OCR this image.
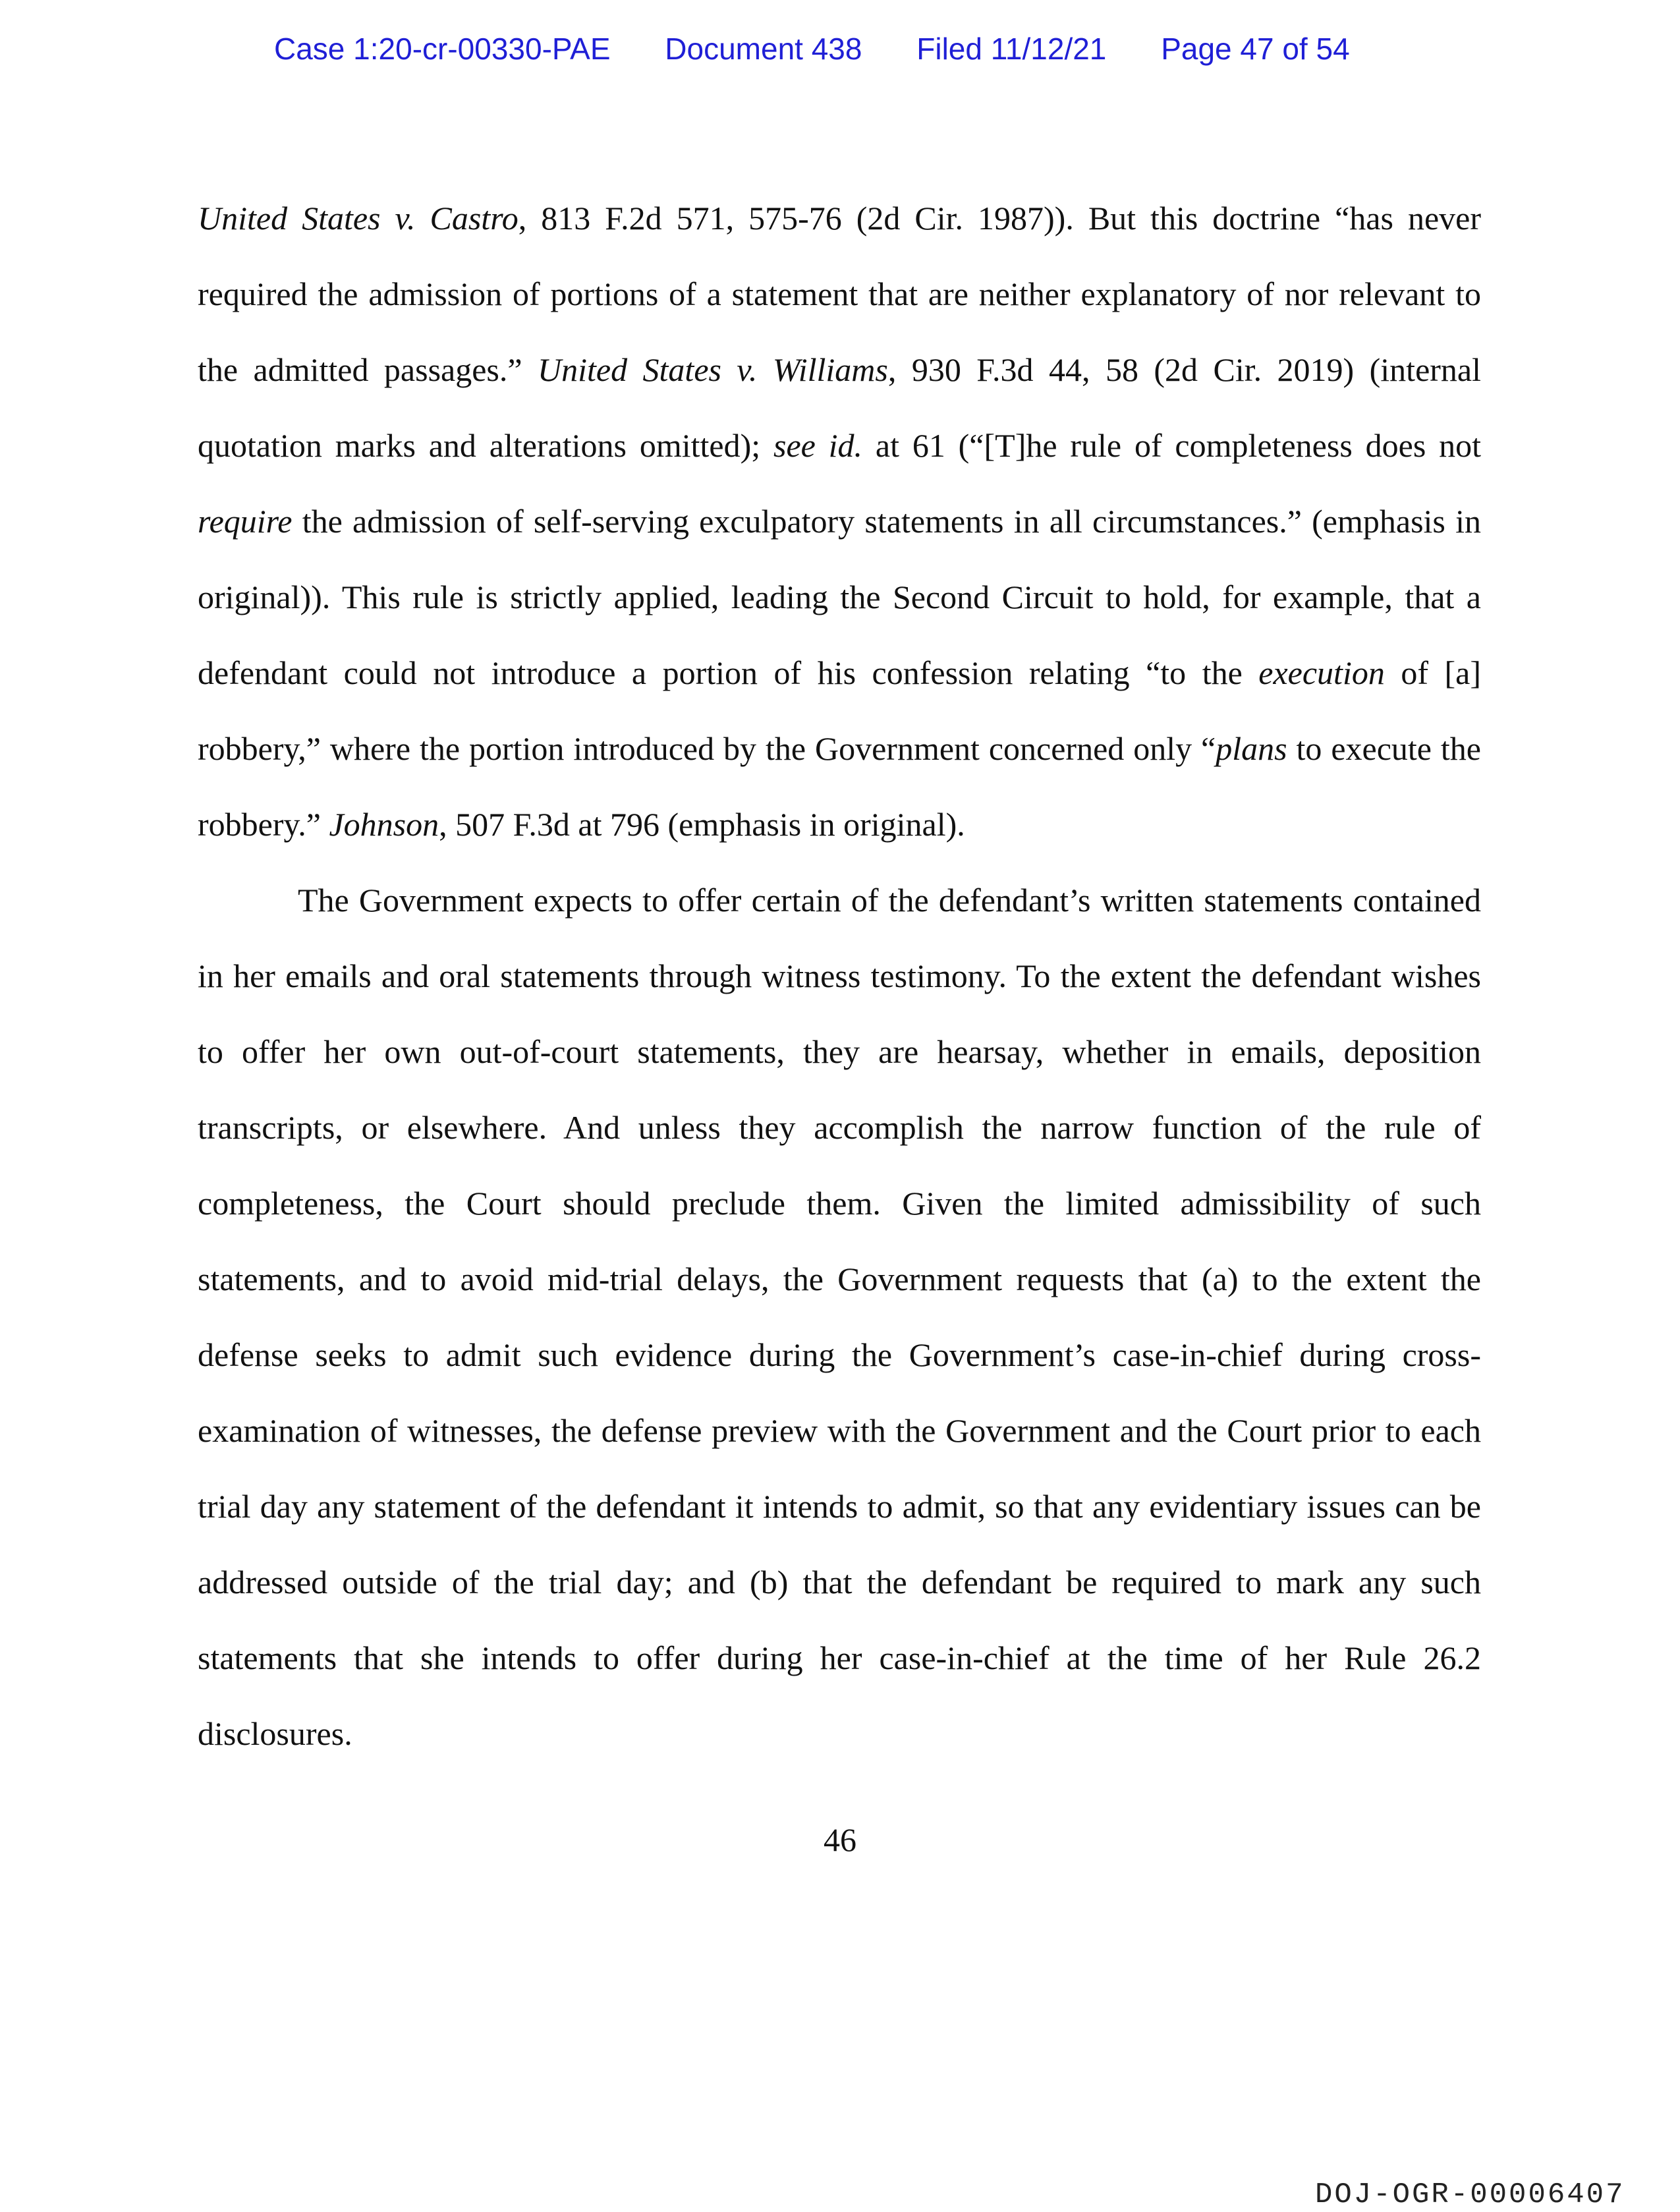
Case 1:20-cr-00330-PAE Document 438 Filed 11/12/21 Page 47 of 54
United States v. Castro, 813 F.2d 571, 575-76 (2d Cir. 1987)). But this doctrine “has never
required the admission of portions of a statement that are neither explanatory of nor relevant to
the admitted passages.” United States v. Williams, 930 F.3d 44, 58 (2d Cir. 2019) (internal
quotation marks and alterations omitted); see id. at 61 (“[T]he rule of completeness does not
require the admission of self-serving exculpatory statements in all circumstances.” (emphasis in
original)). This rule is strictly applied, leading the Second Circuit to hold, for example, that a
defendant could not introduce a portion of his confession relating “to the execution of [a]
robbery,” where the portion introduced by the Government concerned only “plans to execute the
robbery.” Johnson, 507 F.3d at 796 (emphasis in original).
The Government expects to offer certain of the defendant’s written statements contained
in her emails and oral statements through witness testimony. To the extent the defendant wishes
to offer her own out-of-court statements, they are hearsay, whether in emails, deposition
transcripts, or elsewhere. And unless they accomplish the narrow function of the rule of
completeness, the Court should preclude them. Given the limited admissibility of such
statements, and to avoid mid-trial delays, the Government requests that (a) to the extent the
defense seeks to admit such evidence during the Government’s case-in-chief during cross-
examination of witnesses, the defense preview with the Government and the Court prior to each
trial day any statement of the defendant it intends to admit, so that any evidentiary issues can be
addressed outside of the trial day; and (b) that the defendant be required to mark any such
statements that she intends to offer during her case-in-chief at the time of her Rule 26.2
disclosures.
46
DOJ-OGR-00006407
